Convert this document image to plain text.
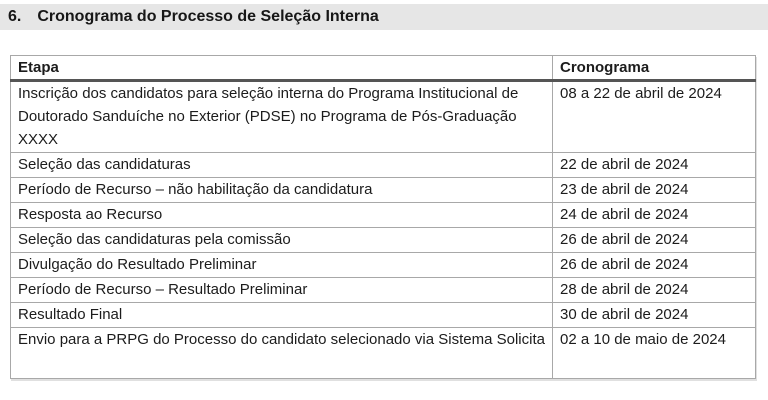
6. Cronograma do Processo de Seleção Interna
Etapa	Cronograma
Inscrição dos candidatos para seleção interna do Programa Institucional de Doutorado Sanduíche no Exterior (PDSE) no Programa de Pós-Graduação XXXX	08 a 22 de abril de 2024
Seleção das candidaturas	22 de abril de 2024
Período de Recurso – não habilitação da candidatura	23 de abril de 2024
Resposta ao Recurso	24 de abril de 2024
Seleção das candidaturas pela comissão	26 de abril de 2024
Divulgação do Resultado Preliminar	26 de abril de 2024
Período de Recurso – Resultado Preliminar	28 de abril de 2024
Resultado Final	30 de abril de 2024
Envio para a PRPG do Processo do candidato selecionado via Sistema Solicita	02 a 10 de maio de 2024
